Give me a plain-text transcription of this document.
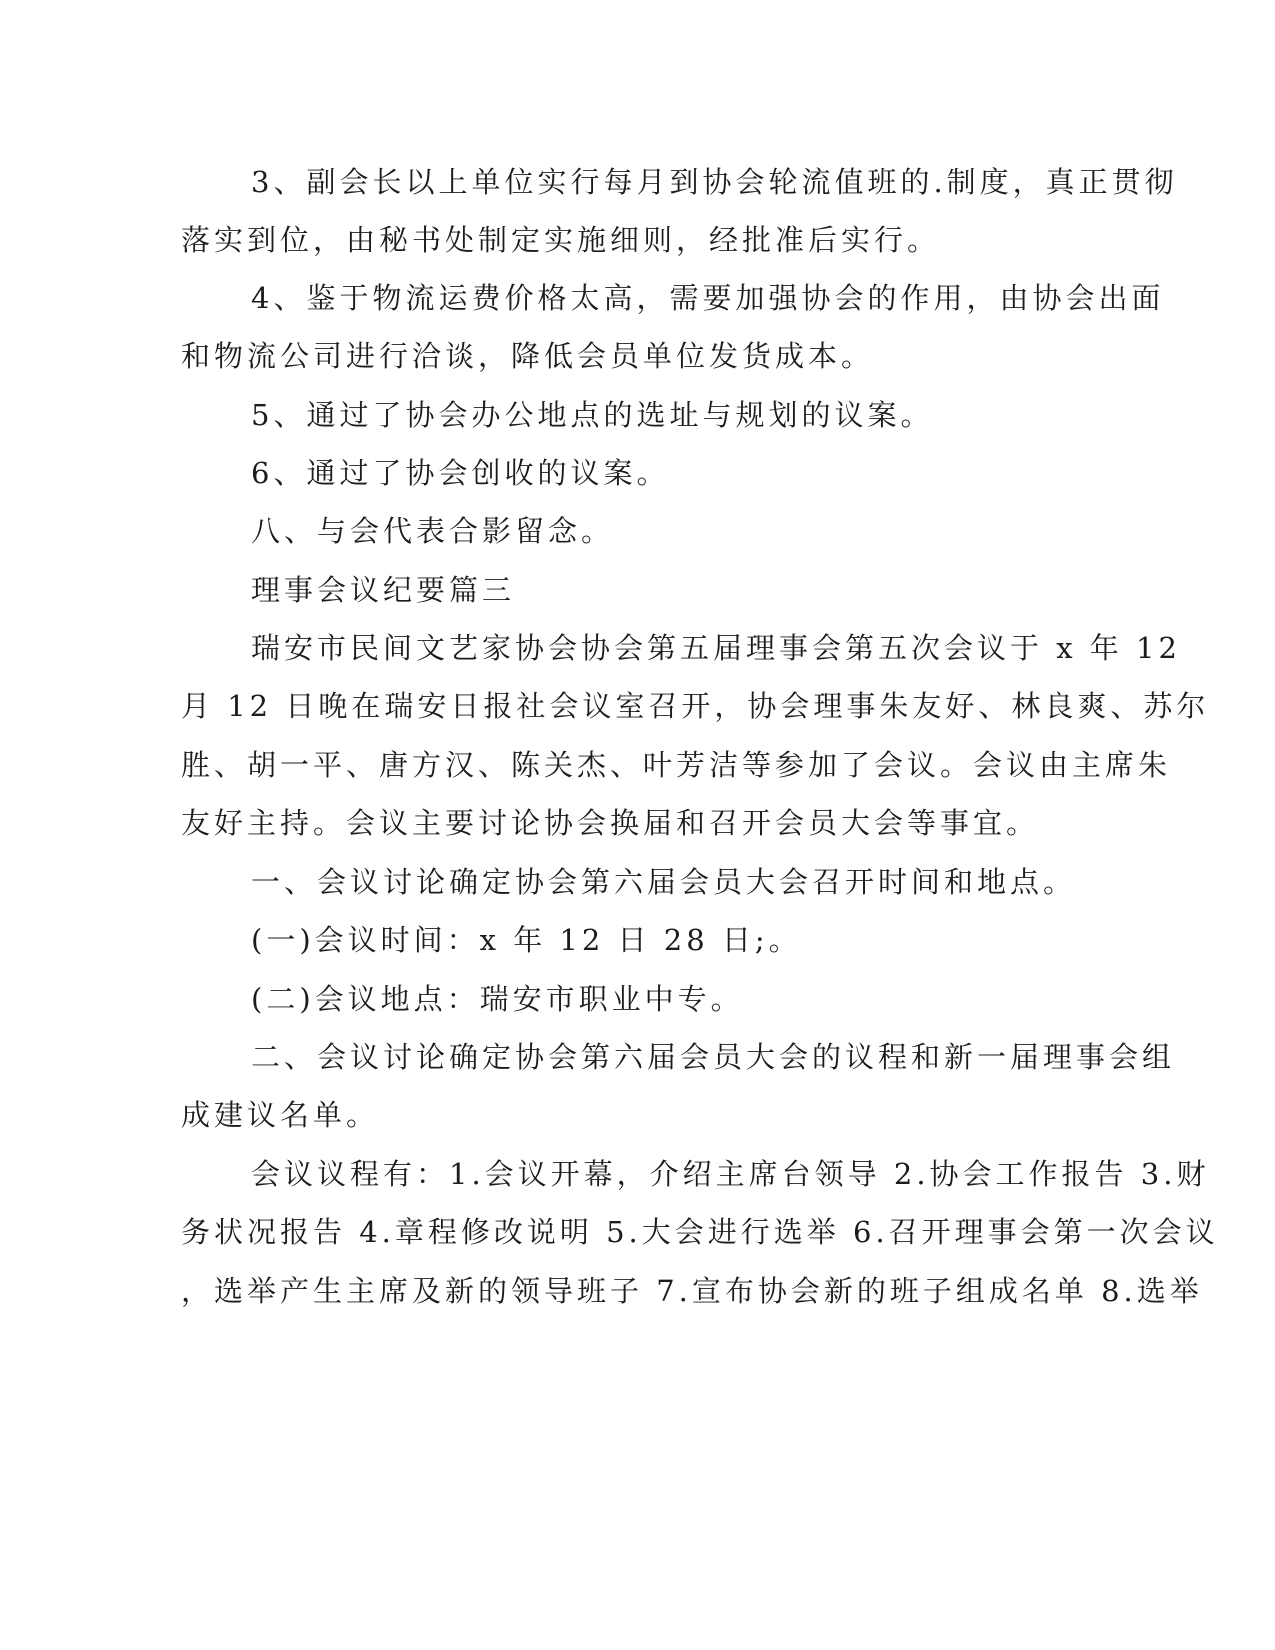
3、副会长以上单位实行每月到协会轮流值班的.制度，真正贯彻
落实到位，由秘书处制定实施细则，经批准后实行。
4、鉴于物流运费价格太高，需要加强协会的作用，由协会出面
和物流公司进行洽谈，降低会员单位发货成本。
5、通过了协会办公地点的选址与规划的议案。
6、通过了协会创收的议案。
八、与会代表合影留念。
理事会议纪要篇三
瑞安市民间文艺家协会协会第五届理事会第五次会议于 x 年 12
月 12 日晚在瑞安日报社会议室召开，协会理事朱友好、林良爽、苏尔
胜、胡一平、唐方汉、陈关杰、叶芳洁等参加了会议。会议由主席朱
友好主持。会议主要讨论协会换届和召开会员大会等事宜。
一、会议讨论确定协会第六届会员大会召开时间和地点。
(一)会议时间：x 年 12 日 28 日;。
(二)会议地点：瑞安市职业中专。
二、会议讨论确定协会第六届会员大会的议程和新一届理事会组
成建议名单。
会议议程有：1.会议开幕，介绍主席台领导 2.协会工作报告 3.财
务状况报告 4.章程修改说明 5.大会进行选举 6.召开理事会第一次会议
，选举产生主席及新的领导班子 7.宣布协会新的班子组成名单 8.选举
